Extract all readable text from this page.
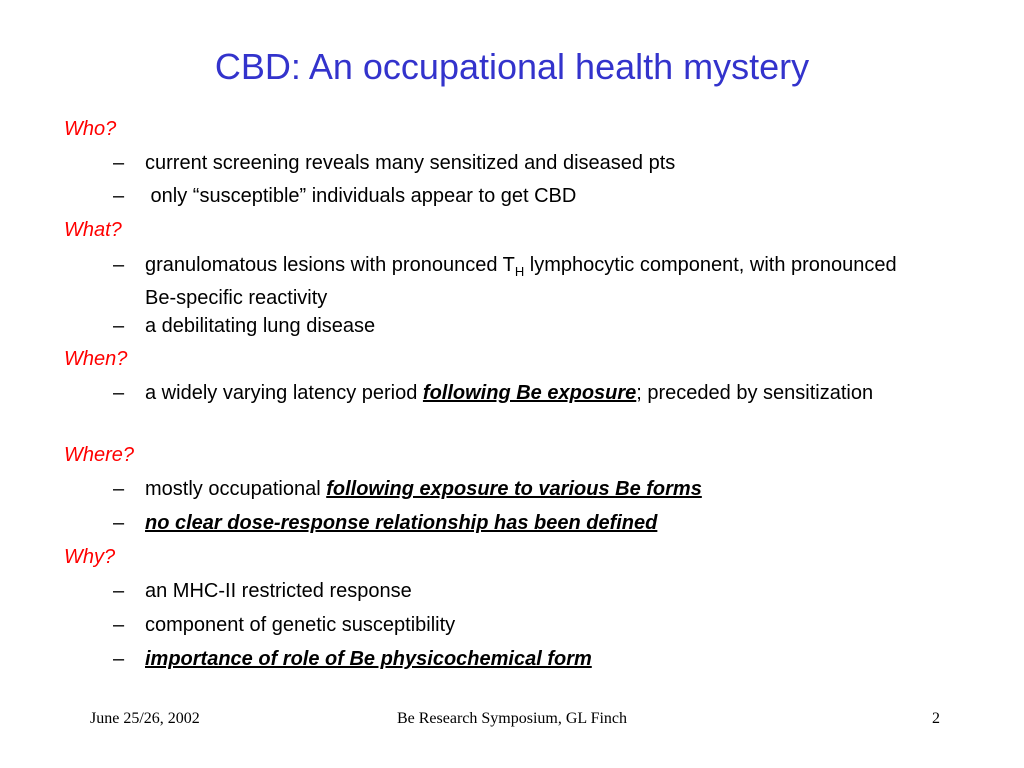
CBD: An occupational health mystery
Who?
– current screening reveals many sensitized and diseased pts
– only “susceptible” individuals appear to get CBD
What?
– granulomatous lesions with pronounced $T_H$ lymphocytic component, with pronounced Be-specific reactivity
– a debilitating lung disease
When?
– a widely varying latency period following Be exposure; preceded by sensitization
Where?
– mostly occupational following exposure to various Be forms
– no clear dose-response relationship has been defined
Why?
– an MHC-II restricted response
– component of genetic susceptibility
– importance of role of Be physicochemical form
June 25/26, 2002	Be Research Symposium, GL Finch	2
